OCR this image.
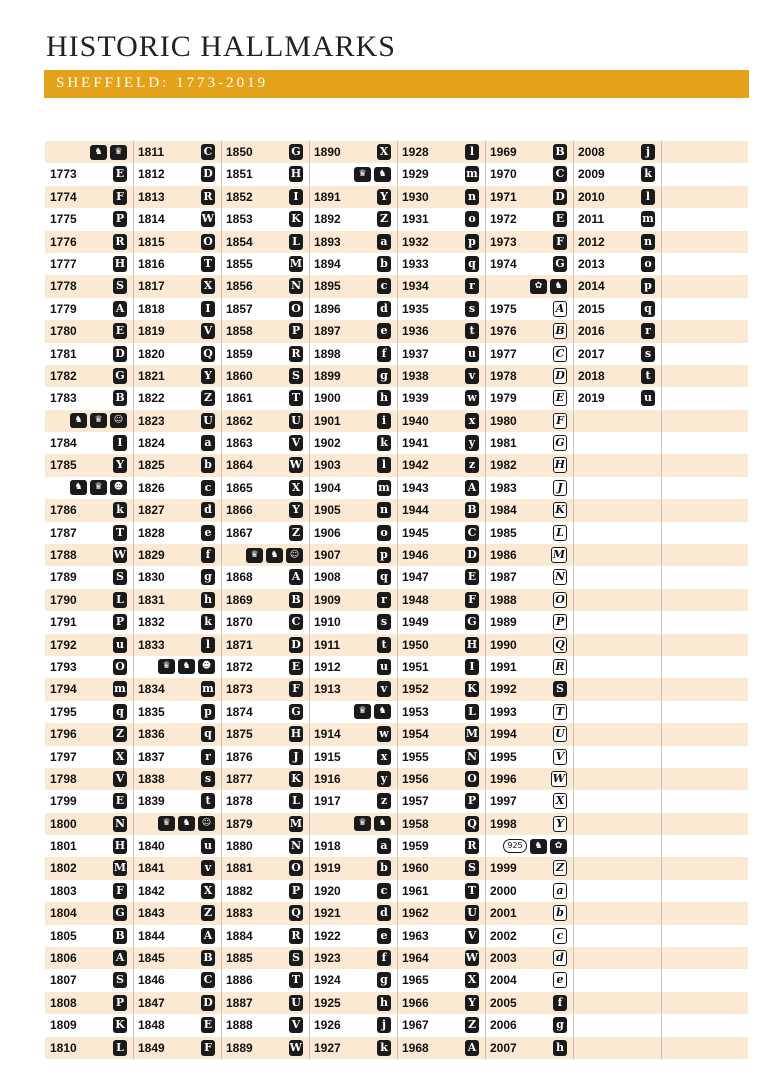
HISTORIC HALLMARKS
SHEFFIELD: 1773-2019
♞	♛
1773	E
1774	F
1775	P
1776	R
1777	H
1778	S
1779	A
1780	E
1781	D
1782	G
1783	B
♞	♛	☺
1784	I
1785	Y
♞	♛	☻
1786	k
1787	T
1788	W
1789	S
1790	L
1791	P
1792	u
1793	O
1794	m
1795	q
1796	Z
1797	X
1798	V
1799	E
1800	N
1801	H
1802	M
1803	F
1804	G
1805	B
1806	A
1807	S
1808	P
1809	K
1810	L
1811	C
1812	D
1813	R
1814	W
1815	O
1816	T
1817	X
1818	I
1819	V
1820	Q
1821	Y
1822	Z
1823	U
1824	a
1825	b
1826	c
1827	d
1828	e
1829	f
1830	g
1831	h
1832	k
1833	l
♛	♞	☻
1834	m
1835	p
1836	q
1837	r
1838	s
1839	t
♛	♞	☺
1840	u
1841	v
1842	X
1843	Z
1844	A
1845	B
1846	C
1847	D
1848	E
1849	F
1850	G
1851	H
1852	I
1853	K
1854	L
1855	M
1856	N
1857	O
1858	P
1859	R
1860	S
1861	T
1862	U
1863	V
1864	W
1865	X
1866	Y
1867	Z
♛	♞	☺
1868	A
1869	B
1870	C
1871	D
1872	E
1873	F
1874	G
1875	H
1876	J
1877	K
1878	L
1879	M
1880	N
1881	O
1882	P
1883	Q
1884	R
1885	S
1886	T
1887	U
1888	V
1889	W
1890	X
♛	♞
1891	Y
1892	Z
1893	a
1894	b
1895	c
1896	d
1897	e
1898	f
1899	g
1900	h
1901	i
1902	k
1903	l
1904	m
1905	n
1906	o
1907	p
1908	q
1909	r
1910	s
1911	t
1912	u
1913	v
♛	♞
1914	w
1915	x
1916	y
1917	z
♛	♞
1918	a
1919	b
1920	c
1921	d
1922	e
1923	f
1924	g
1925	h
1926	j
1927	k
1928	l
1929	m
1930	n
1931	o
1932	p
1933	q
1934	r
1935	s
1936	t
1937	u
1938	v
1939	w
1940	x
1941	y
1942	z
1943	A
1944	B
1945	C
1946	D
1947	E
1948	F
1949	G
1950	H
1951	I
1952	K
1953	L
1954	M
1955	N
1956	O
1957	P
1958	Q
1959	R
1960	S
1961	T
1962	U
1963	V
1964	W
1965	X
1966	Y
1967	Z
1968	A
1969	B
1970	C
1971	D
1972	E
1973	F
1974	G
✿	♞
1975	A
1976	B
1977	C
1978	D
1979	E
1980	F
1981	G
1982	H
1983	J
1984	K
1985	L
1986	M
1987	N
1988	O
1989	P
1990	Q
1991	R
1992	S
1993	T
1994	U
1995	V
1996	W
1997	X
1998	Y
925	♞	✿
1999	Z
2000	a
2001	b
2002	c
2003	d
2004	e
2005	f
2006	g
2007	h
2008	j
2009	k
2010	l
2011	m
2012	n
2013	o
2014	p
2015	q
2016	r
2017	s
2018	t
2019	u
